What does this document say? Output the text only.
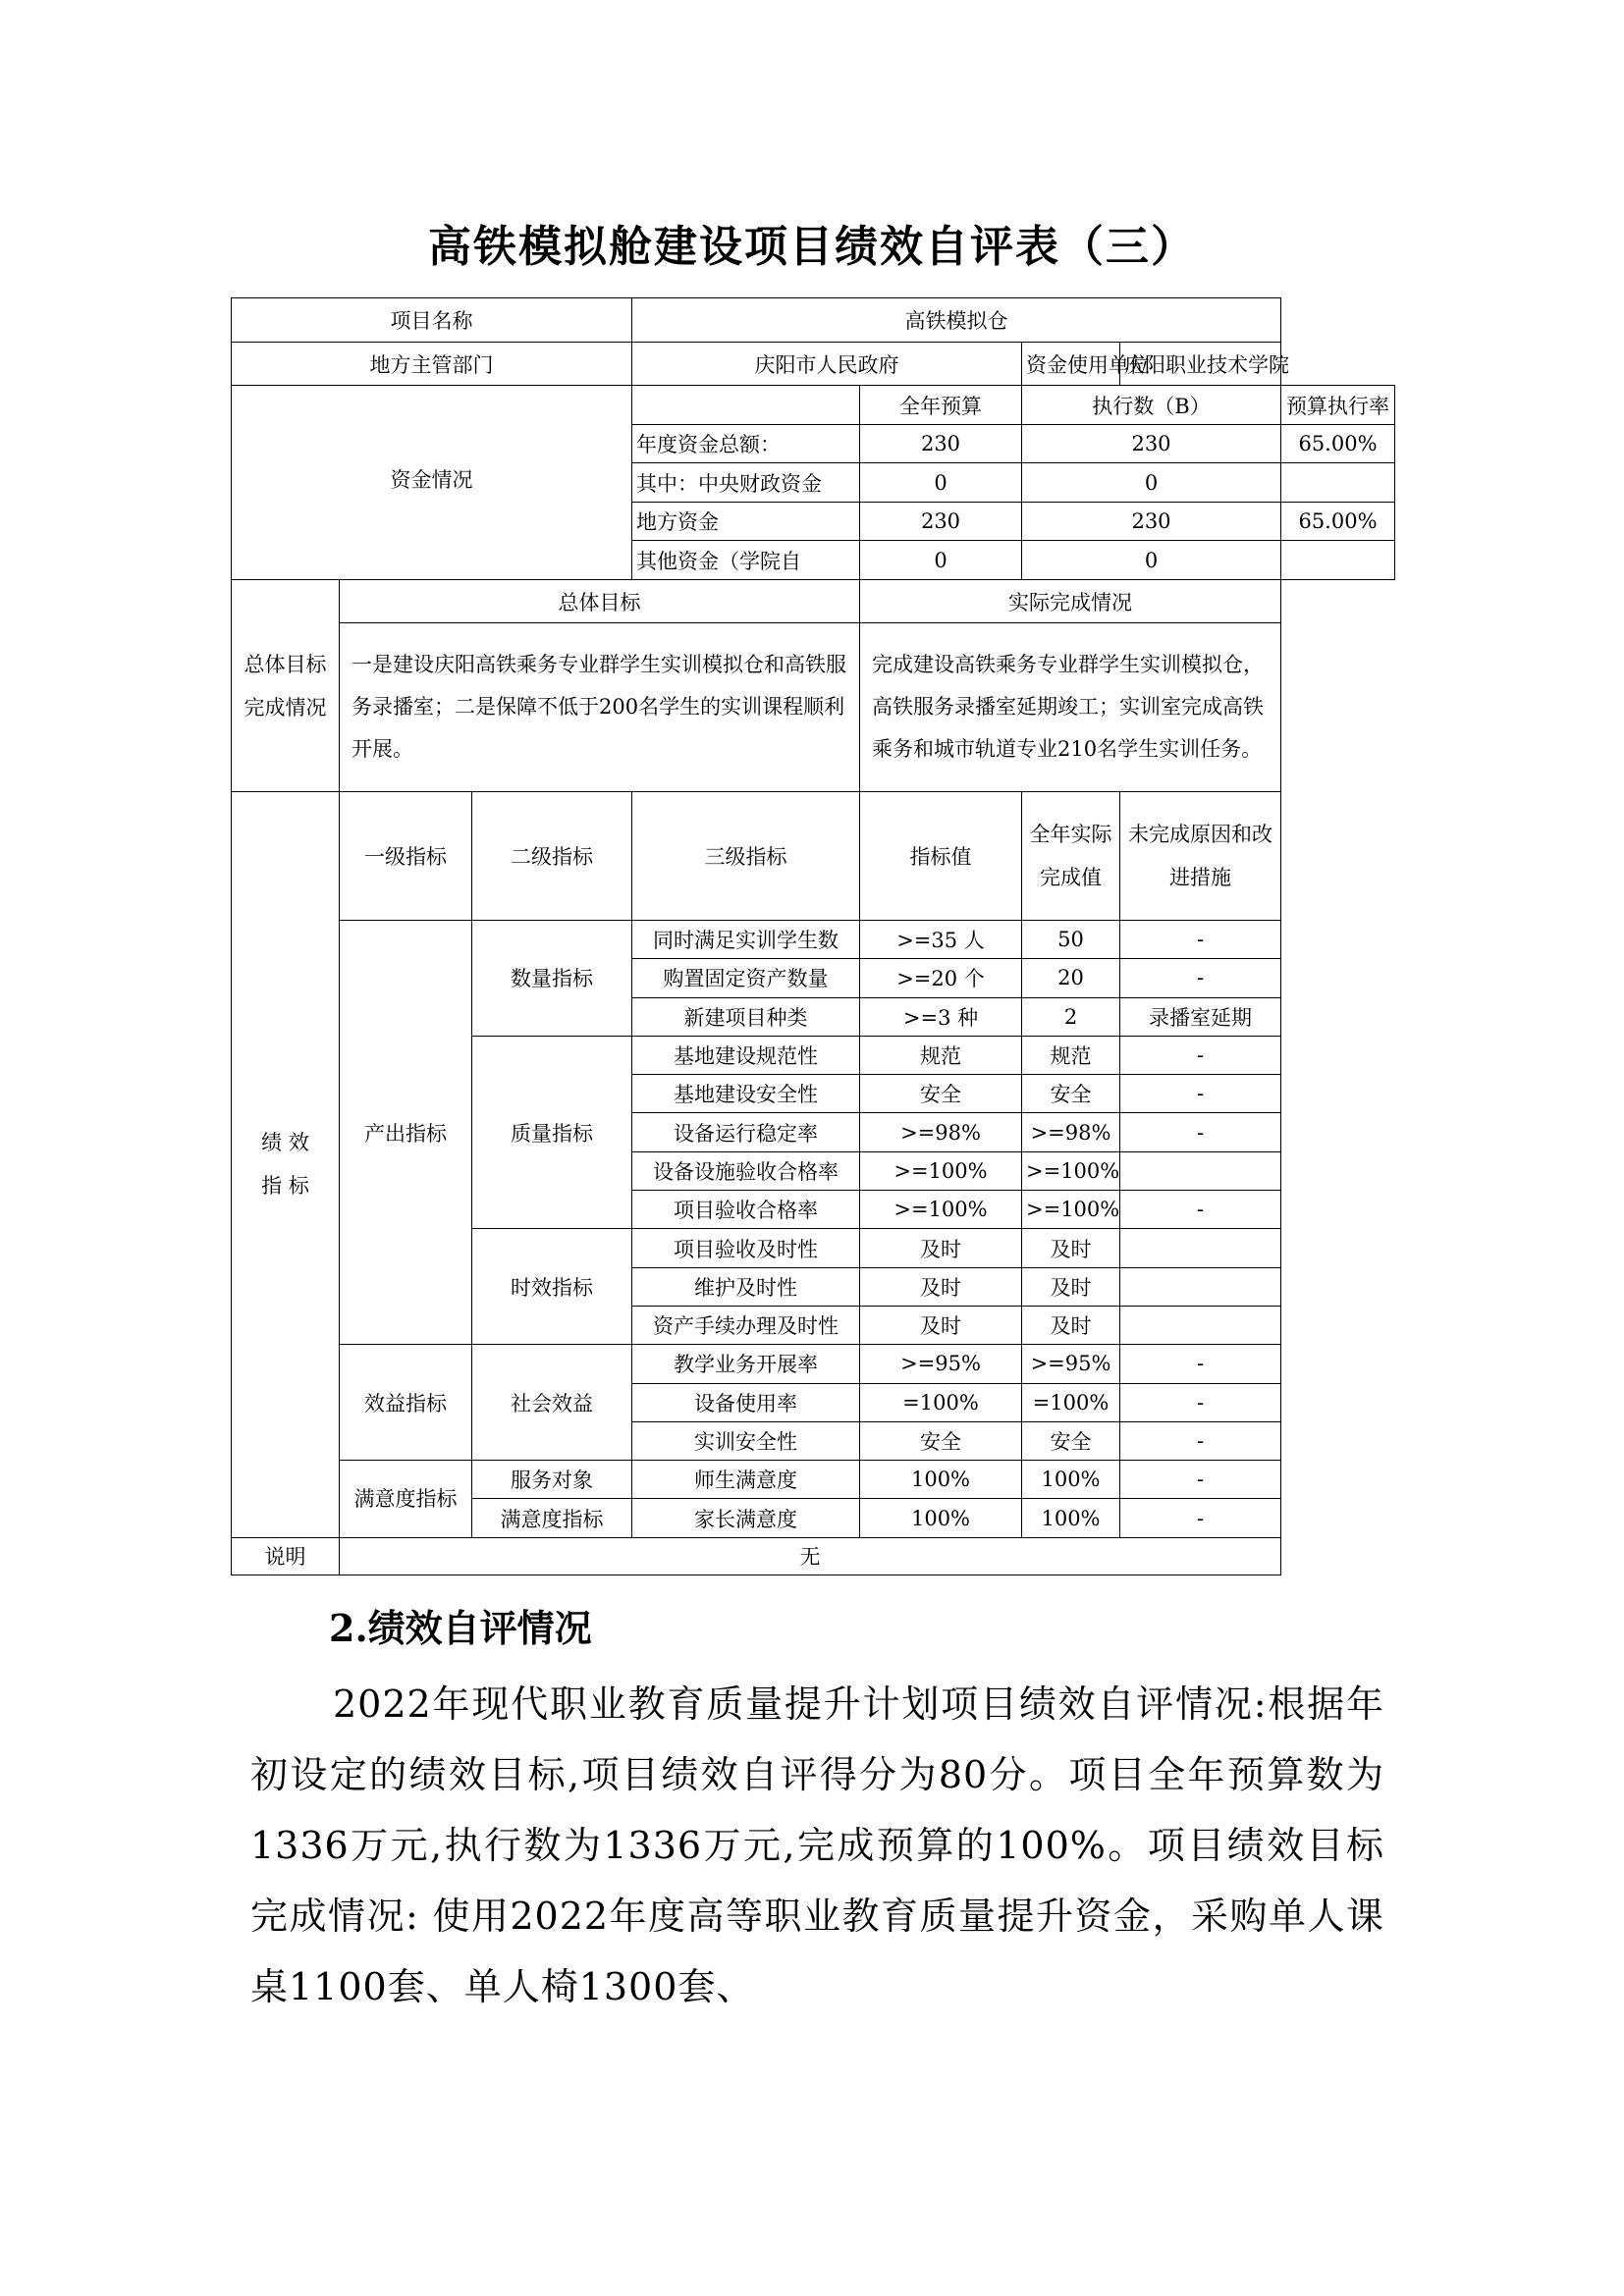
高铁模拟舱建设项目绩效自评表（三）
项目名称			高铁模拟仓				
地方主管部门			庆阳市人民政府		资金使用单位	庆阳职业技术学院	
资金情况				全年预算	执行数（B）		预算执行率
			年度资金总额：	230	230		65.00%
			其中：中央财政资金	0	0		
			地方资金	230	230		65.00%
			其他资金（学院自	0	0		
总体目标 完成情况	总体目标			实际完成情况			
	一是建设庆阳高铁乘务专业群学生实训模拟仓和高铁服务录播室；二是保障不低于200名学生的实训课程顺利开展。			完成建设高铁乘务专业群学生实训模拟仓，高铁服务录播室延期竣工；实训室完成高铁乘务和城市轨道专业210名学生实训任务。			
绩 效 指 标	一级指标	二级指标	三级指标	指标值	全年实际完成值	未完成原因和改进措施	
	产出指标	数量指标	同时满足实训学生数	>=35 人	50	-	
			购置固定资产数量	>=20 个	20	-	
			新建项目种类	>=3 种	2	录播室延期	
		质量指标	基地建设规范性	规范	规范	-	
			基地建设安全性	安全	安全	-	
			设备运行稳定率	>=98%	>=98%	-	
			设备设施验收合格率	>=100%	>=100%		
			项目验收合格率	>=100%	>=100%	-	
		时效指标	项目验收及时性	及时	及时		
			维护及时性	及时	及时		
			资产手续办理及时性	及时	及时		
	效益指标	社会效益	教学业务开展率	>=95%	>=95%	-	
			设备使用率	=100%	=100%	-	
			实训安全性	安全	安全	-	
	满意度指标	服务对象	师生满意度	100%	100%	-	
		满意度指标	家长满意度	100%	100%	-	
说明	无						
2.绩效自评情况
2022年现代职业教育质量提升计划项目绩效自评情况:根据年初设定的绩效目标,项目绩效自评得分为80分。项目全年预算数为1336万元,执行数为1336万元,完成预算的100%。项目绩效目标完成情况: 使用2022年度高等职业教育质量提升资金，采购单人课桌1100套、单人椅1300套、
